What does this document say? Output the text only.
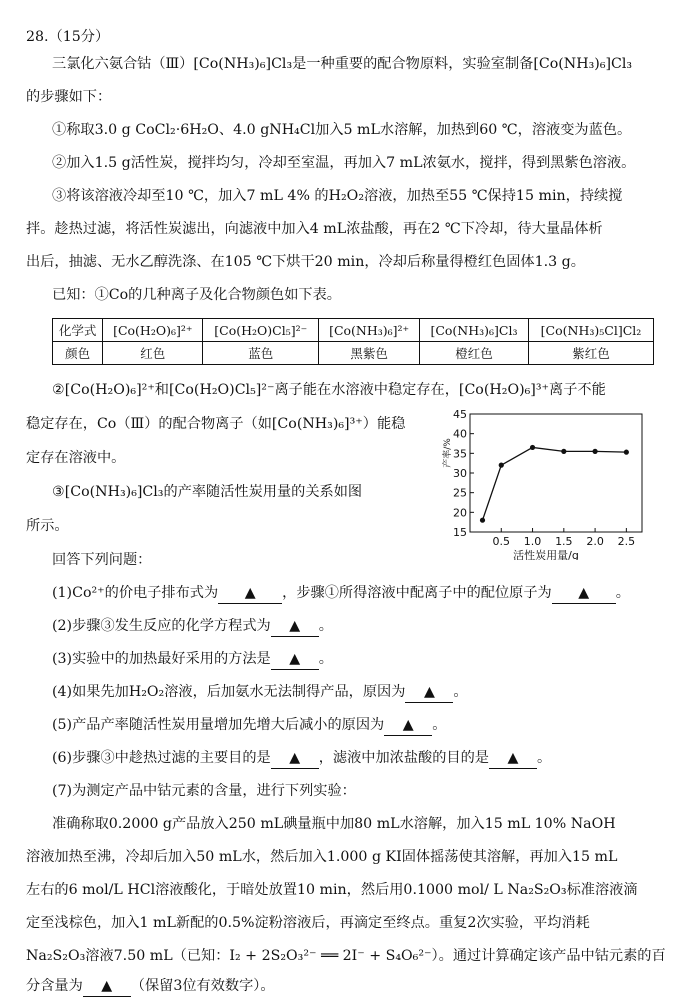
28.（15分）
三氯化六氨合钴（Ⅲ）[Co(NH₃)₆]Cl₃是一种重要的配合物原料，实验室制备[Co(NH₃)₆]Cl₃
的步骤如下：
①称取3.0 g CoCl₂·6H₂O、4.0 gNH₄Cl加入5 mL水溶解，加热到60 ℃，溶液变为蓝色。
②加入1.5 g活性炭，搅拌均匀，冷却至室温，再加入7 mL浓氨水，搅拌，得到黑紫色溶液。
③将该溶液冷却至10 ℃，加入7 mL 4% 的H₂O₂溶液，加热至55 ℃保持15 min，持续搅
拌。趁热过滤，将活性炭滤出，向滤液中加入4 mL浓盐酸，再在2 ℃下冷却，待大量晶体析
出后，抽滤、无水乙醇洗涤、在105 ℃下烘干20 min，冷却后称量得橙红色固体1.3 g。
已知：①Co的几种离子及化合物颜色如下表。
化学式	[Co(H₂O)₆]²⁺	[Co(H₂O)Cl₅]²⁻	[Co(NH₃)₆]²⁺	[Co(NH₃)₆]Cl₃	[Co(NH₃)₅Cl]Cl₂
颜色	红色	蓝色	黑紫色	橙红色	紫红色
②[Co(H₂O)₆]²⁺和[Co(H₂O)Cl₅]²⁻离子能在水溶液中稳定存在，[Co(H₂O)₆]³⁺离子不能
稳定存在，Co（Ⅲ）的配合物离子（如[Co(NH₃)₆]³⁺）能稳
定存在溶液中。
③[Co(NH₃)₆]Cl₃的产率随活性炭用量的关系如图
所示。	15
20
25
30
35
40
45
0.5 1.0 1.5 2.0 2.5
活性炭用量/g
产率/%
回答下列问题：
(1)Co²⁺的价电子排布式为 ▲ ，步骤①所得溶液中配离子中的配位原子为 ▲ 。
(2)步骤③发生反应的化学方程式为 ▲ 。
(3)实验中的加热最好采用的方法是 ▲ 。
(4)如果先加H₂O₂溶液，后加氨水无法制得产品，原因为 ▲ 。
(5)产品产率随活性炭用量增加先增大后减小的原因为 ▲ 。
(6)步骤③中趁热过滤的主要目的是 ▲ ，滤液中加浓盐酸的目的是 ▲ 。
(7)为测定产品中钴元素的含量，进行下列实验：
准确称取0.2000 g产品放入250 mL碘量瓶中加80 mL水溶解，加入15 mL 10% NaOH
溶液加热至沸，冷却后加入50 mL水，然后加入1.000 g KI固体摇荡使其溶解，再加入15 mL
左右的6 mol/L HCl溶液酸化，于暗处放置10 min，然后用0.1000 mol/ L Na₂S₂O₃标准溶液滴
定至浅棕色，加入1 mL新配的0.5%淀粉溶液后，再滴定至终点。重复2次实验，平均消耗
Na₂S₂O₃溶液7.50 mL（已知：I₂ + 2S₂O₃²⁻ ══ 2I⁻ + S₄O₆²⁻）。通过计算确定该产品中钴元素的百
分含量为 ▲ （保留3位有效数字）。
